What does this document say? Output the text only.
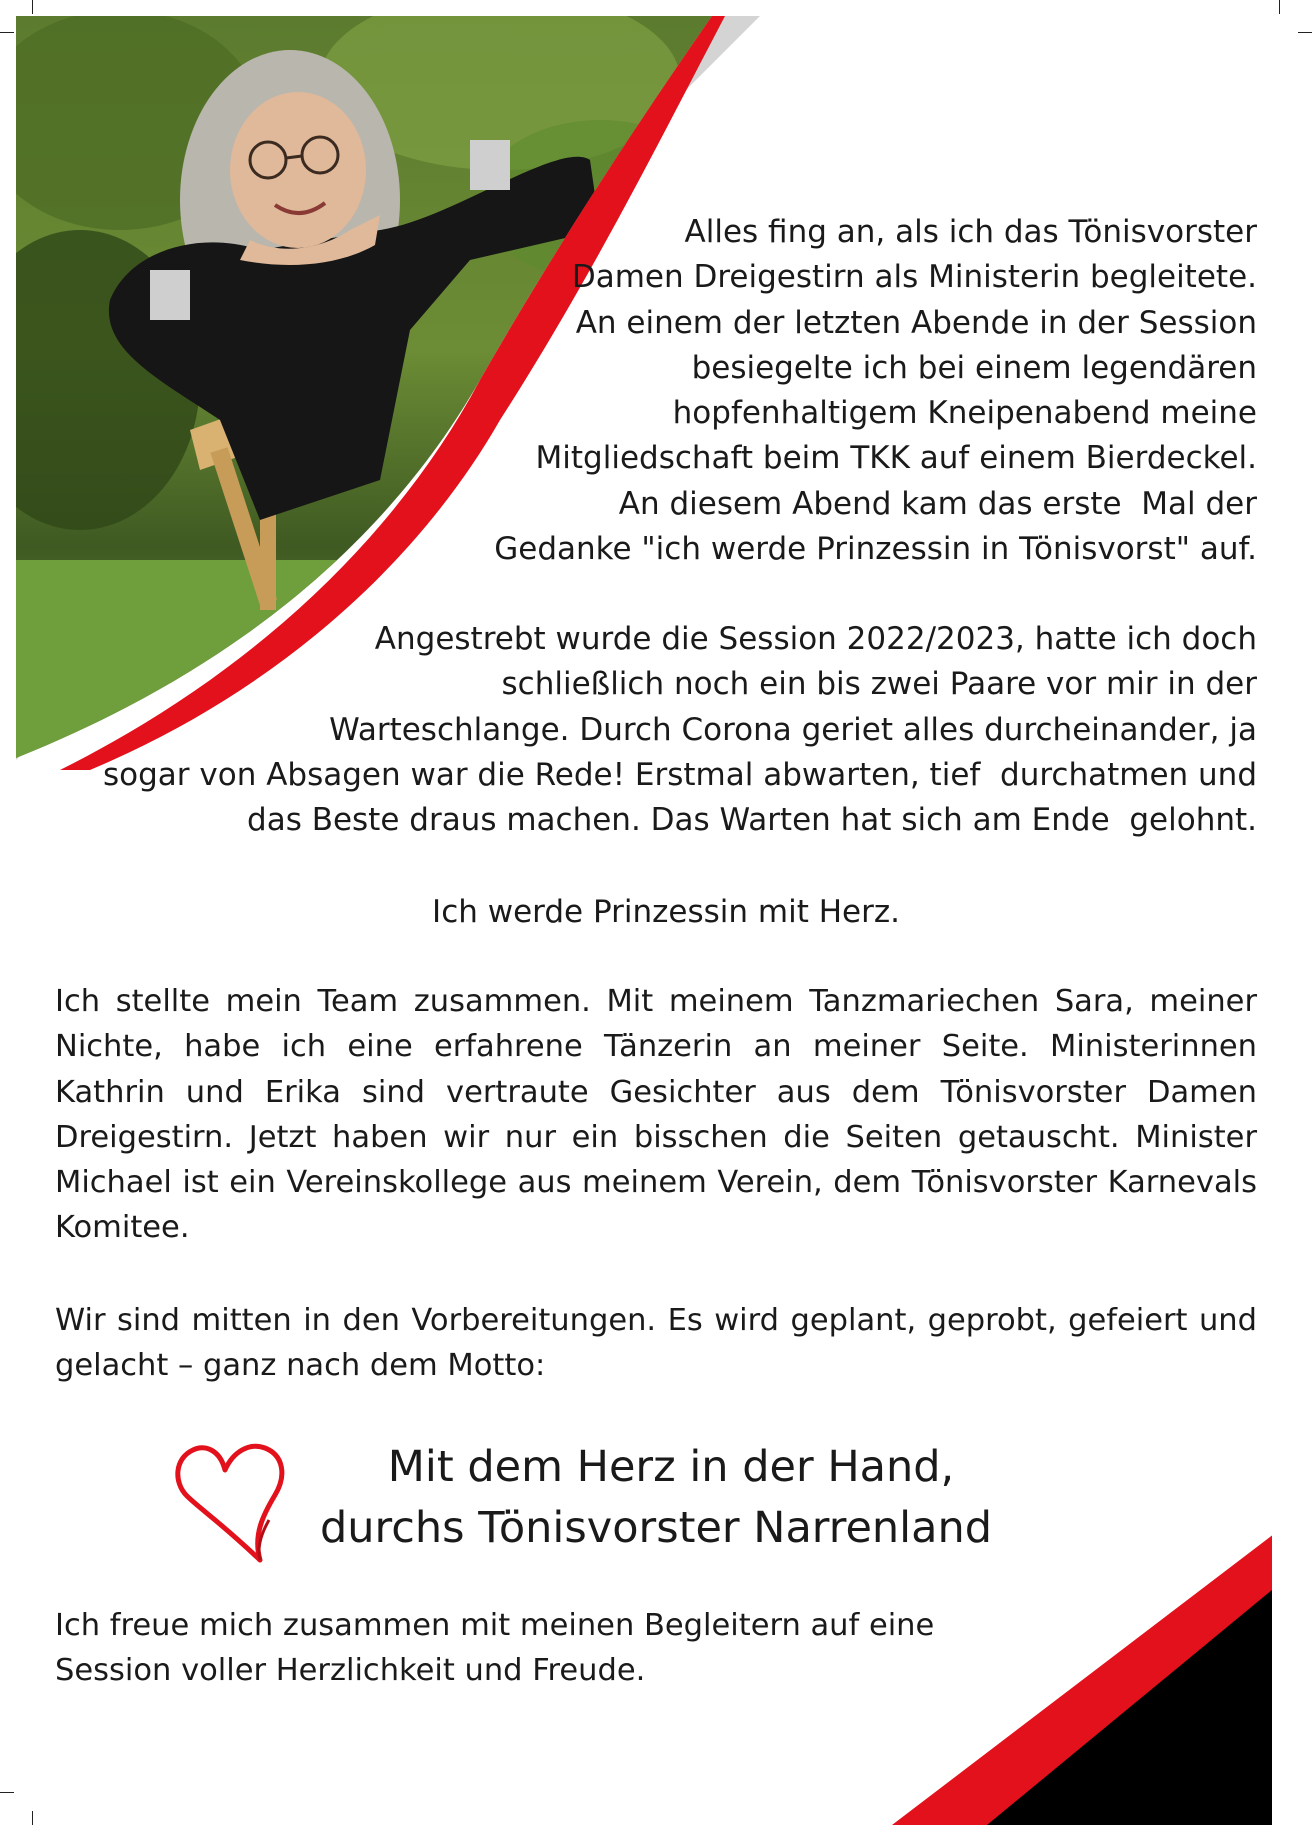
Alles fing an, als ich das Tönisvorster
Damen Dreigestirn als Ministerin begleitete.
An einem der letzten Abende in der Session
besiegelte ich bei einem legendären
hopfenhaltigem Kneipenabend meine
Mitgliedschaft beim TKK auf einem Bierdeckel.
An diesem Abend kam das erste  Mal der
Gedanke "ich werde Prinzessin in Tönisvorst" auf.
Angestrebt wurde die Session 2022/2023, hatte ich doch
schließlich noch ein bis zwei Paare vor mir in der
Warteschlange. Durch Corona geriet alles durcheinander, ja
sogar von Absagen war die Rede! Erstmal abwarten, tief  durchatmen und
das Beste draus machen. Das Warten hat sich am Ende  gelohnt.
Ich werde Prinzessin mit Herz.
Ich stellte mein Team zusammen. Mit meinem Tanzmariechen Sara, meiner Nichte, habe ich eine erfahrene Tänzerin an meiner Seite. Ministerinnen Kathrin und Erika sind vertraute Gesichter aus dem Tönisvorster Damen Dreigestirn. Jetzt haben wir nur ein bisschen die Seiten getauscht. Minister Michael ist ein Vereinskollege aus meinem Verein, dem Tönisvorster Karnevals Komitee.
Wir sind mitten in den Vorbereitungen. Es wird geplant, geprobt, gefeiert und gelacht – ganz nach dem Motto:
Mit dem Herz in der Hand,
durchs Tönisvorster Narrenland
Ich freue mich zusammen mit meinen Begleitern auf eine
Session voller Herzlichkeit und Freude.
